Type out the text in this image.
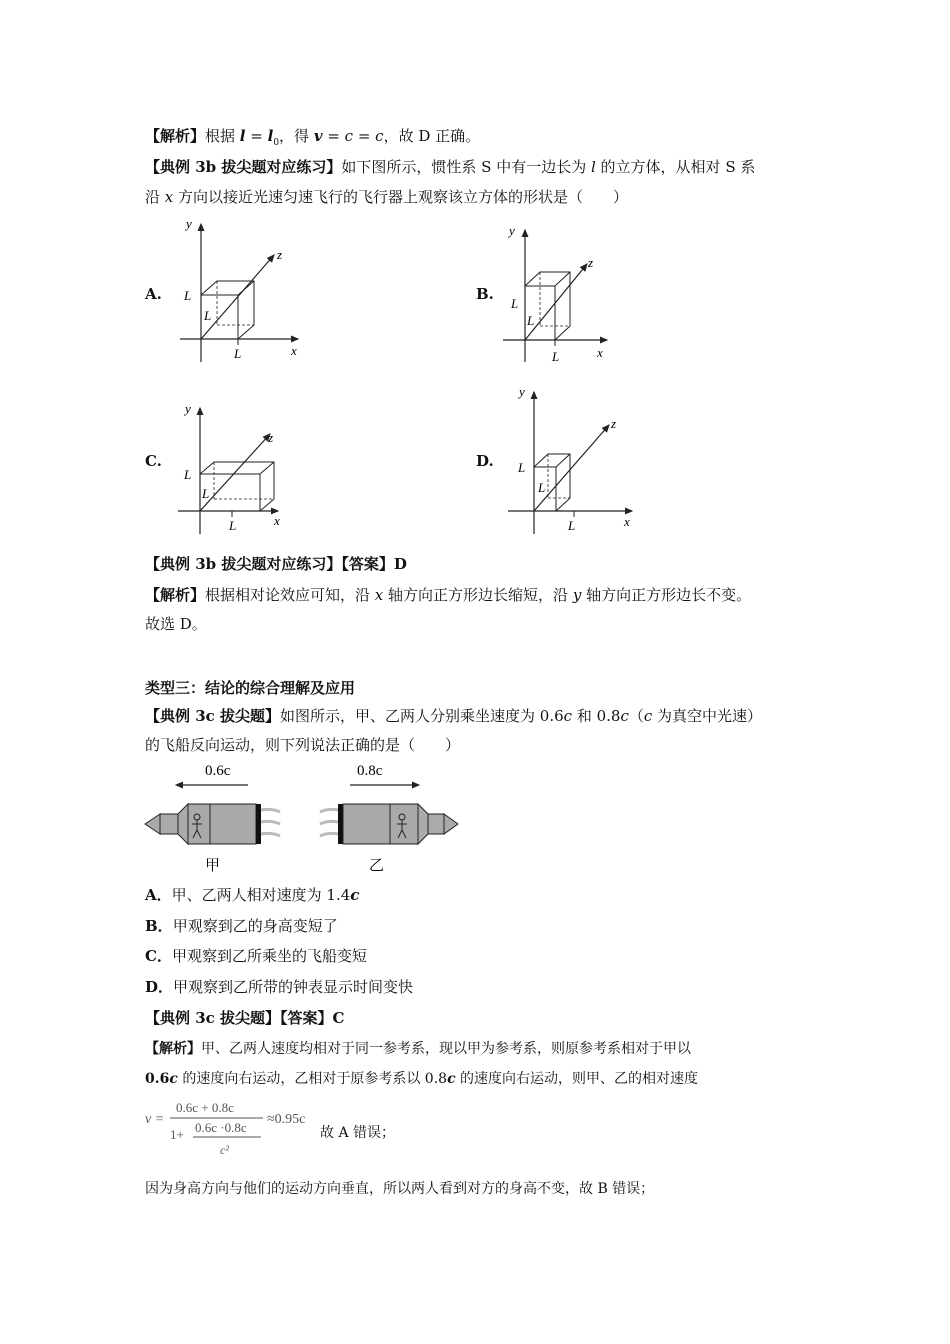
【解析】根据 $l = l_0$，得 v = c = c，故 D 正确。
【典例 3b 拔尖题对应练习】如下图所示，惯性系 S 中有一边长为 l 的立方体，从相对 S 系
沿 x 方向以接近光速匀速飞行的飞行器上观察该立方体的形状是（　　）
A.	B.
C.	D.
y
x
z
L
L
L
y
x
z
L
L
L
y
x
z
L
L
L
y
x
z
L
L
L
【典例 3b 拔尖题对应练习】【答案】D
【解析】根据相对论效应可知，沿 x 轴方向正方形边长缩短，沿 y 轴方向正方形边长不变。
故选 D。
类型三：结论的综合理解及应用
【典例 3c 拔尖题】如图所示，甲、乙两人分别乘坐速度为 0.6c 和 0.8c（c 为真空中光速）
的飞船反向运动，则下列说法正确的是（　　）
0.6c	0.8c
甲	乙
A．甲、乙两人相对速度为 1.4c
B．甲观察到乙的身高变短了
C．甲观察到乙所乘坐的飞船变短
D．甲观察到乙所带的钟表显示时间变快
【典例 3c 拔尖题】【答案】C
【解析】甲、乙两人速度均相对于同一参考系，现以甲为参考系，则原参考系相对于甲以
0.6c 的速度向右运动，乙相对于原参考系以 0.8c 的速度向右运动，则甲、乙的相对速度
v =
0.6c + 0.8c
1+ 0.6c ·0.8c
c²
≈0.95c
故 A 错误；
因为身高方向与他们的运动方向垂直，所以两人看到对方的身高不变，故 B 错误；
